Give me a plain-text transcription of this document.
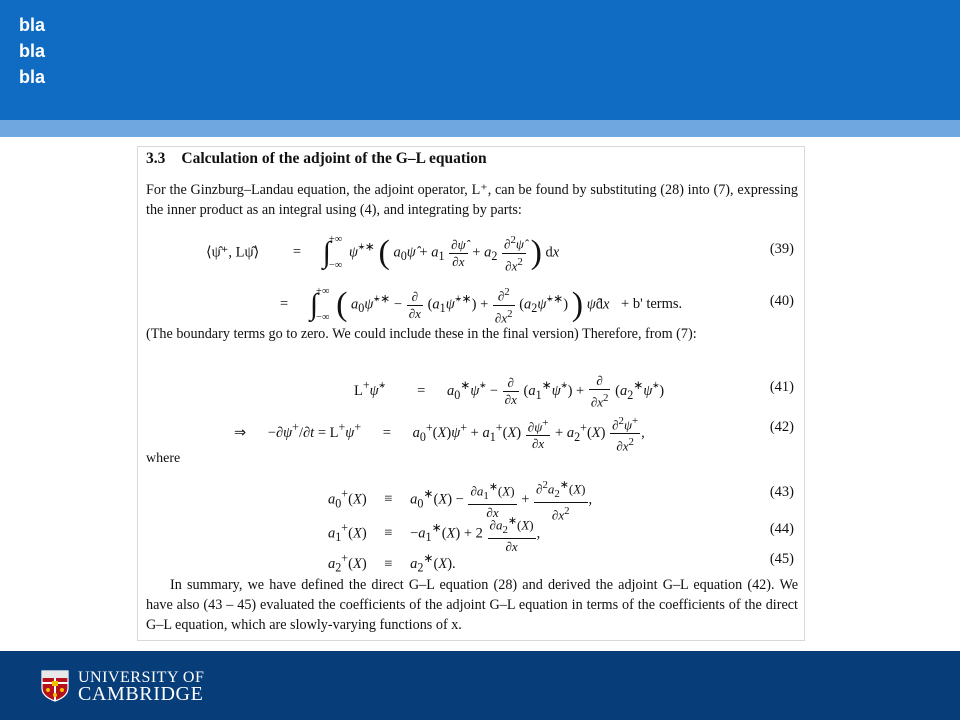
bla
bla
bla
3.3 Calculation of the adjoint of the G–L equation
For the Ginzburg–Landau equation, the adjoint operator, L⁺, can be found by substituting (28) into (7), expressing the inner product as an integral using (4), and integrating by parts:
⟨ψ̂⁺, Lψ̂⟩ = ∫
+∞
−∞
ψ̂+∗ ( $a_0\psî + a_1 \frac{\partial\psî}{\partial x} + a_2 \frac{\partial^2\psî}{\partial x^2}$ ) dx	(39)
= ∫
+∞
−∞ ( $a_0\psî^{+∗} - \frac{\partial}{\partial x}$ $(a_1\psî^{+∗}) + \frac{\partial^2}{\partial x^2}$ $(a_2\psî^{+∗})$ ) ψ̂dx + b' terms.	(40)
(The boundary terms go to zero. We could include these in the final version) Therefore, from (7):
L+ψ̂+ = $a_0^∗\psî^+ - \frac{\partial}{\partial x}$ $(a_1^∗\psî^+) + \frac{\partial}{\partial x^2}$ $(a_2^∗\psî^+)$	(41)
⇒ $-\partial\psi^+/\partial t = L^+\psi^+ = a_0^+(X)\psi^+ + a_1^+(X) \frac{\partial\psi^+}{\partial x} + a_2^+(X) \frac{\partial^2\psi^+}{\partial x^2}$ ,	(42)
where
$a_0^+(X) \equiv a_0^∗(X) - \frac{\partial a_1^∗(X)}{\partial x} + \frac{\partial^2a_2^∗(X)}{\partial x^2}$ ,	(43)
$a_1^+(X) \equiv -a_1^∗(X) + 2 \frac{\partial a_2^∗(X)}{\partial x}$ ,	(44)
$a_2^+(X) \equiv a_2^∗(X)$.	(45)
In summary, we have defined the direct G–L equation (28) and derived the adjoint G–L equation (42). We have also (43 – 45) evaluated the coefficients of the adjoint G–L equation in terms of the coefficients of the direct G–L equation, which are slowly-varying functions of x.
UNIVERSITY OF
CAMBRIDGE
